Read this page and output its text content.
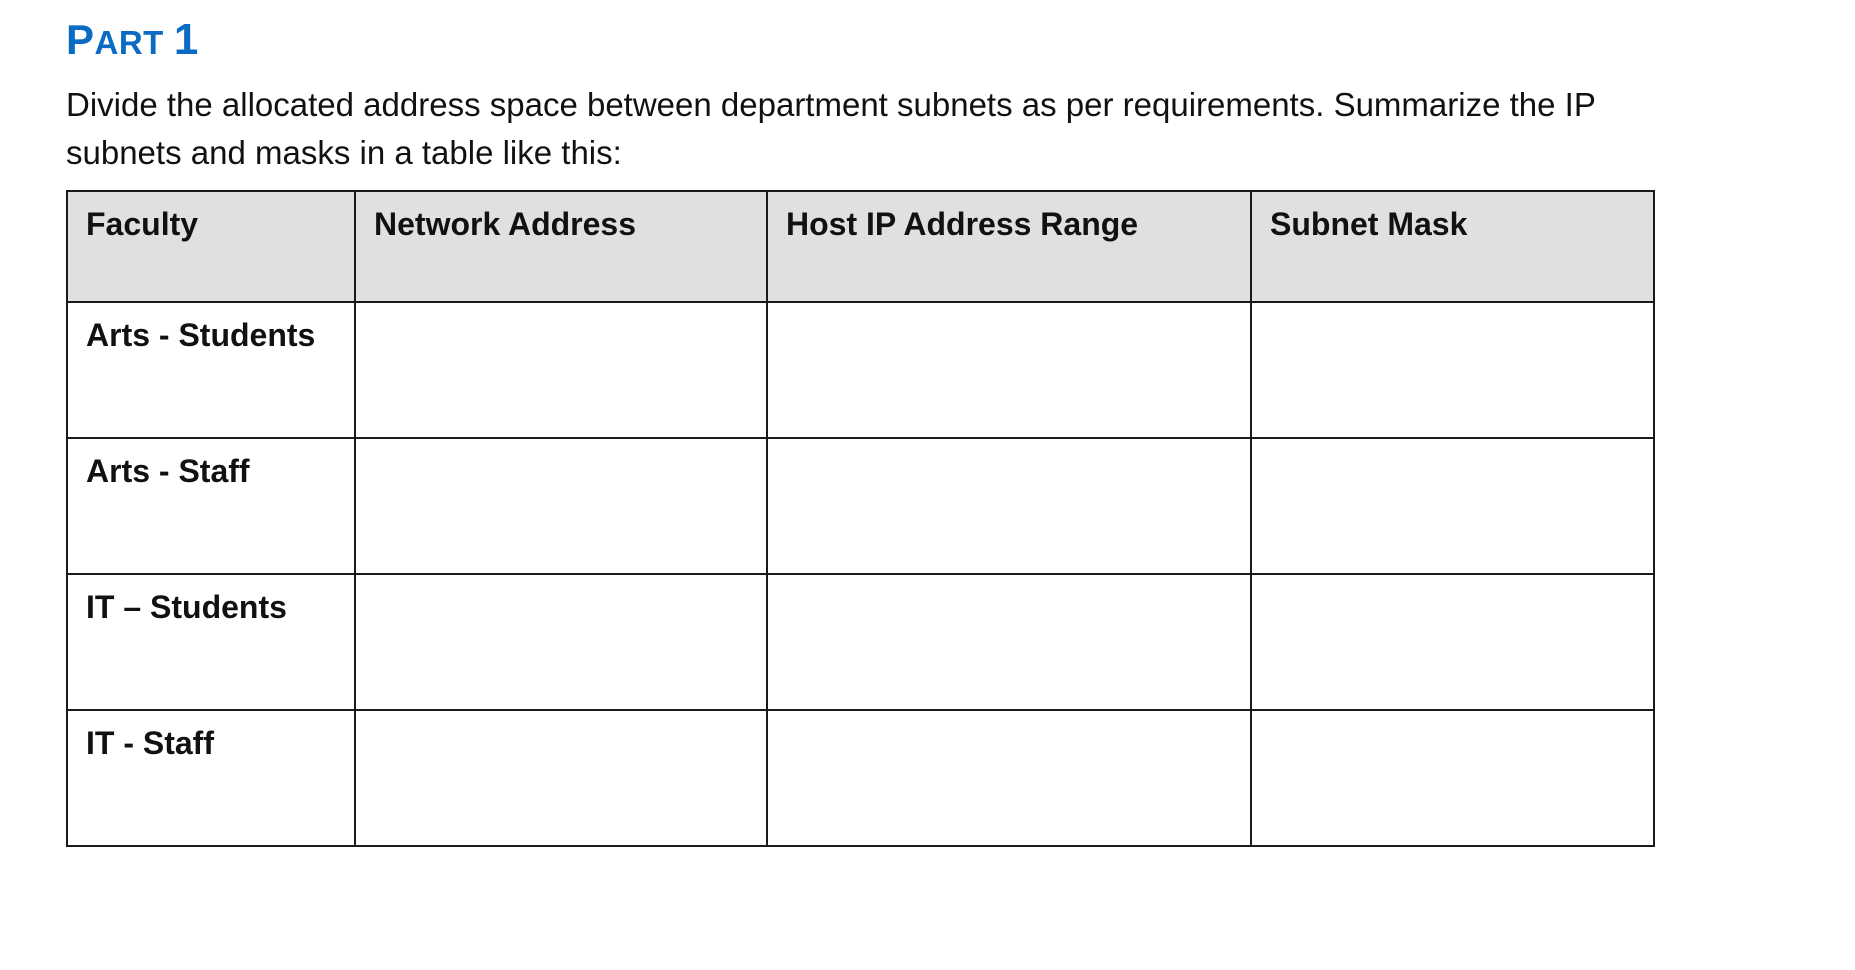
PART 1

Divide the allocated address space between department subnets as per requirements. Summarize the IP subnets and masks in a table like this:

Faculty	Network Address	Host IP Address Range	Subnet Mask
Arts - Students			
Arts - Staff			
IT – Students			
IT - Staff			
